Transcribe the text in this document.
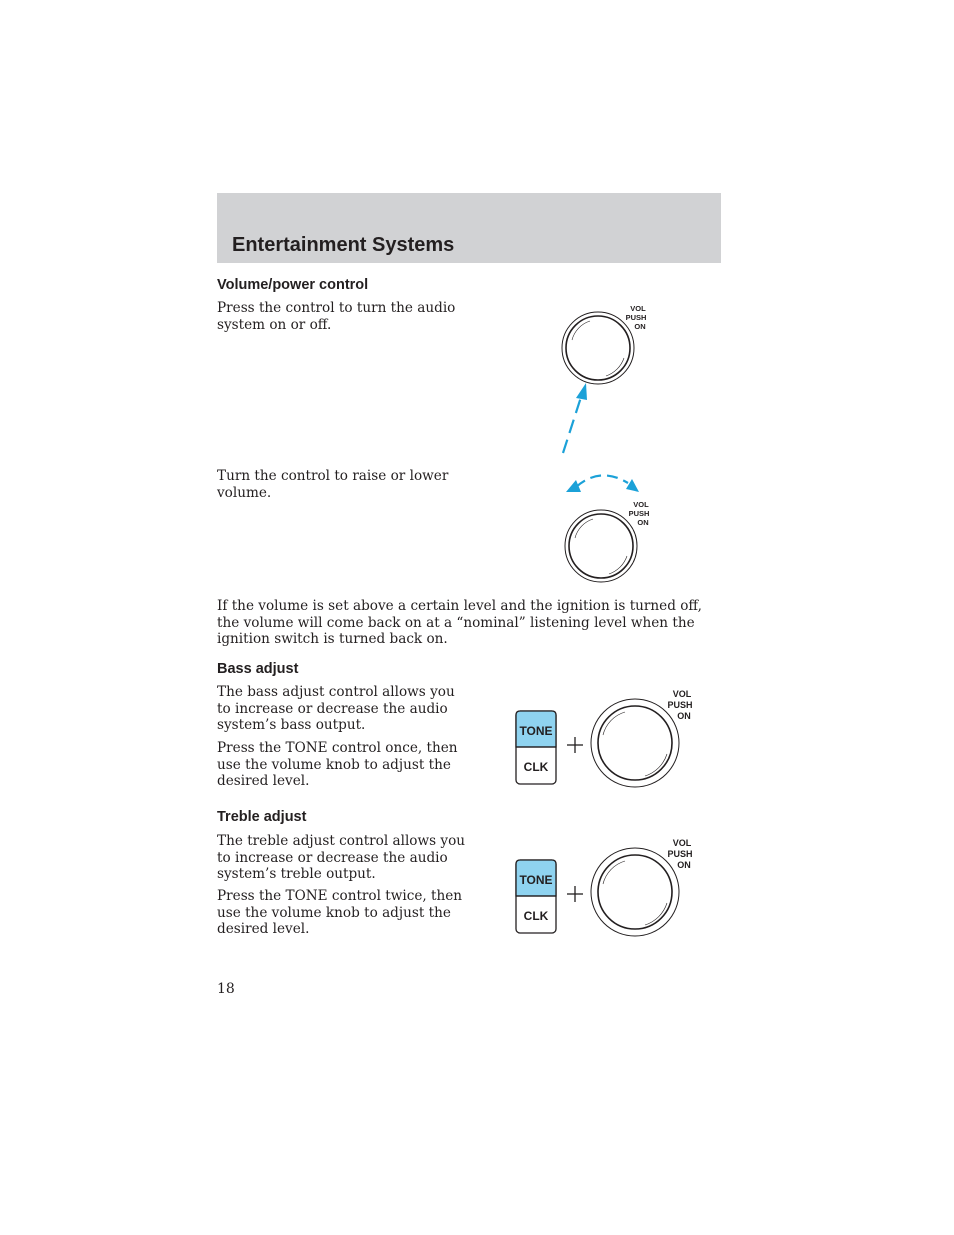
Entertainment Systems
Volume/power control

Press the control to turn the audio system on or off.

Turn the control to raise or lower volume.

VOL
PUSH
ON
VOL
PUSH
ON

If the volume is set above a certain level and the ignition is turned off, the volume will come back on at a “nominal” listening level when the ignition switch is turned back on.

Bass adjust

The bass adjust control allows you to increase or decrease the audio system’s bass output.

Press the TONE control once, then use the volume knob to adjust the desired level.

TONE
CLK
VOL
PUSH
ON
Treble adjust

The treble adjust control allows you to increase or decrease the audio system’s treble output.

Press the TONE control twice, then use the volume knob to adjust the desired level.

TONE
CLK
VOL
PUSH
ON

18
